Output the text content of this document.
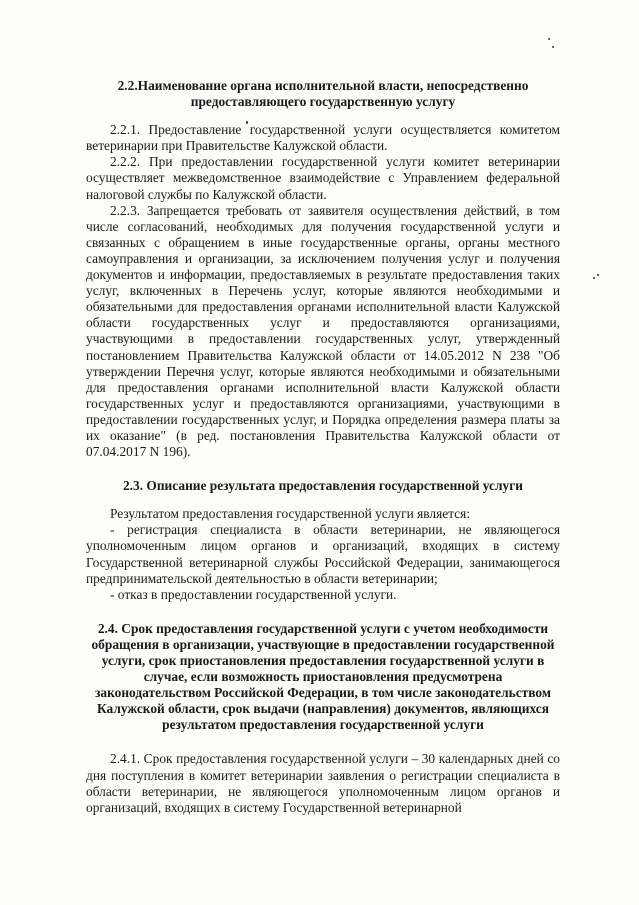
2.2.Наименование органа исполнительной власти, непосредственно предоставляющего государственную услугу

2.2.1. Предоставление государственной услуги осуществляется комитетом ветеринарии при Правительстве Калужской области.

2.2.2. При предоставлении государственной услуги комитет ветеринарии осуществляет межведомственное взаимодействие с Управлением федеральной налоговой службы по Калужской области.

2.2.3. Запрещается требовать от заявителя осуществления действий, в том числе согласований, необходимых для получения государственной услуги и связанных с обращением в иные государственные органы, органы местного самоуправления и организации, за исключением получения услуг и получения документов и информации, предоставляемых в результате предоставления таких услуг, включенных в Перечень услуг, которые являются необходимыми и обязательными для предоставления органами исполнительной власти Калужской области государственных услуг и предоставляются организациями, участвующими в предоставлении государственных услуг, утвержденный постановлением Правительства Калужской области от 14.05.2012 N 238 "Об утверждении Перечня услуг, которые являются необходимыми и обязательными для предоставления органами исполнительной власти Калужской области государственных услуг и предоставляются организациями, участвующими в предоставлении государственных услуг, и Порядка определения размера платы за их оказание" (в ред. постановления Правительства Калужской области от 07.04.2017 N 196).

2.3. Описание результата предоставления государственной услуги

Результатом предоставления государственной услуги является:

- регистрация специалиста в области ветеринарии, не являющегося уполномоченным лицом органов и организаций, входящих в систему Государственной ветеринарной службы Российской Федерации, занимающегося предпринимательской деятельностью в области ветеринарии;

- отказ в предоставлении государственной услуги.

2.4. Срок предоставления государственной услуги с учетом необходимости обращения в организации, участвующие в предоставлении государственной услуги, срок приостановления предоставления государственной услуги в случае, если возможность приостановления предусмотрена законодательством Российской Федерации, в том числе законодательством Калужской области, срок выдачи (направления) документов, являющихся результатом предоставления государственной услуги

2.4.1. Срок предоставления государственной услуги – 30 календарных дней со дня поступления в комитет ветеринарии заявления о регистрации специалиста в области ветеринарии, не являющегося уполномоченным лицом органов и организаций, входящих в систему Государственной ветеринарной
